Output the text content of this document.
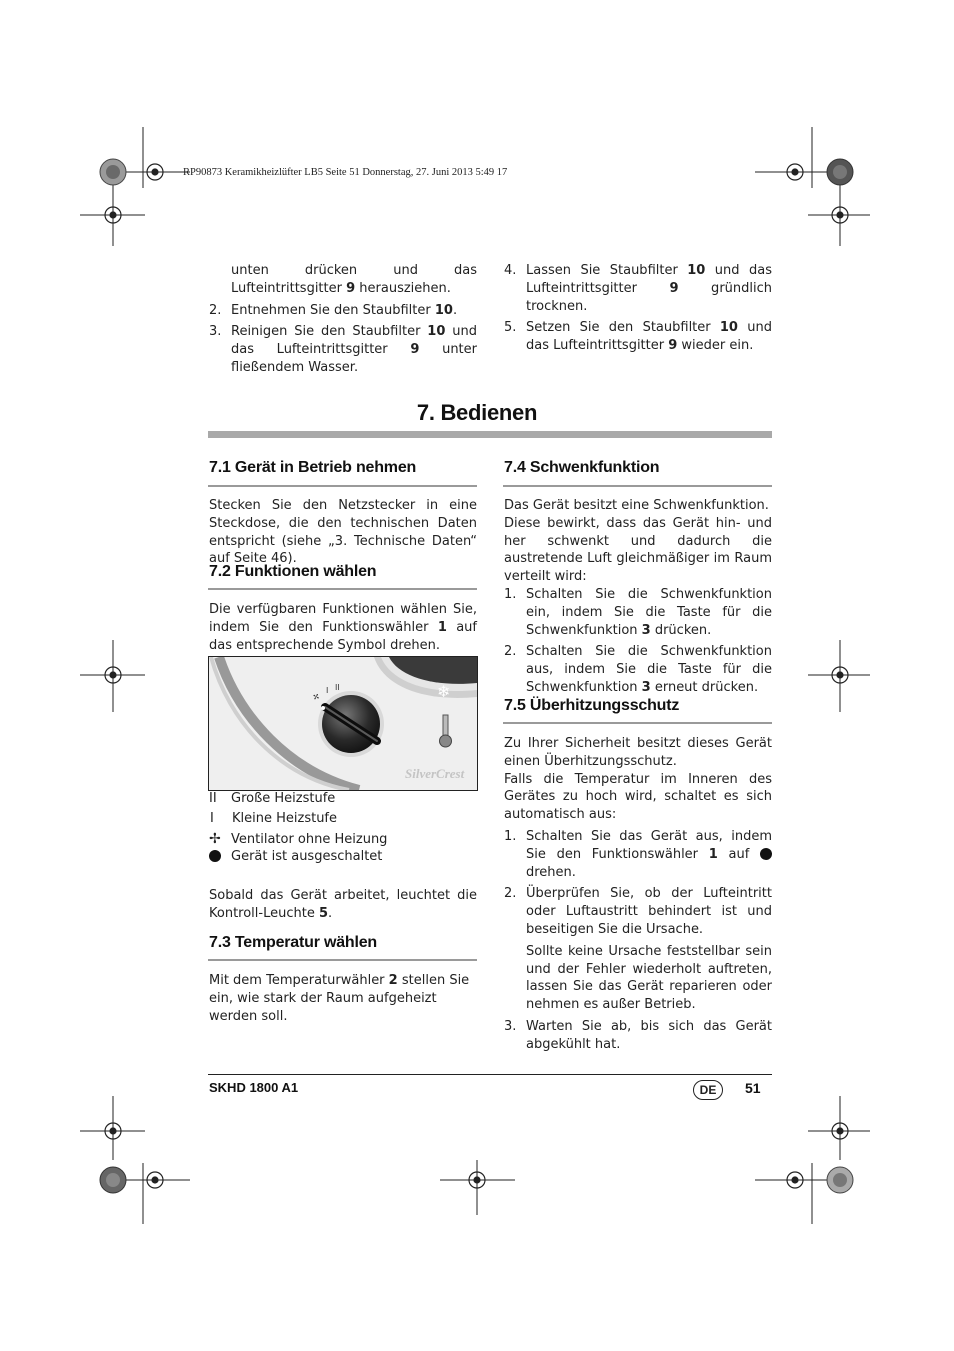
RP90873 Keramikheizlüfter LB5 Seite 51 Donnerstag, 27. Juni 2013 5:49 17
unten drücken und das
Lufteintrittsgitter 9 herausziehen.
2. Entnehmen Sie den Staubfilter 10.
3. Reinigen Sie den Staubfilter 10 und das Lufteintrittsgitter 9 unter fließendem Wasser.
4. Lassen Sie Staubfilter 10 und das Lufteintrittsgitter 9 gründlich trocknen.
5. Setzen Sie den Staubfilter 10 und das Lufteintrittsgitter 9 wieder ein.
7. Bedienen
7.1 Gerät in Betrieb nehmen
Stecken Sie den Netzstecker in eine Steckdose, die den technischen Daten entspricht (siehe „3. Technische Daten“ auf Seite 46).
7.2 Funktionen wählen
Die verfügbaren Funktionen wählen Sie, indem Sie den Funktionswähler 1 auf das entsprechende Symbol drehen.
❄
✢
I II
SilverCrest
II Große Heizstufe
I Kleine Heizstufe
✢ Ventilator ohne Heizung
Gerät ist ausgeschaltet
Sobald das Gerät arbeitet, leuchtet die Kontroll-Leuchte 5.
7.3 Temperatur wählen
Mit dem Temperaturwähler 2 stellen Sie ein, wie stark der Raum aufgeheizt werden soll.
7.4 Schwenkfunktion
Das Gerät besitzt eine Schwenkfunktion.
Diese bewirkt, dass das Gerät hin- und her schwenkt und dadurch die austretende Luft gleichmäßiger im Raum verteilt wird:
1. Schalten Sie die Schwenkfunktion ein, indem Sie die Taste für die Schwenkfunktion 3 drücken.
2. Schalten Sie die Schwenkfunktion aus, indem Sie die Taste für die Schwenkfunktion 3 erneut drücken.
7.5 Überhitzungsschutz
Zu Ihrer Sicherheit besitzt dieses Gerät einen Überhitzungsschutz.
Falls die Temperatur im Inneren des Gerätes zu hoch wird, schaltet es sich automatisch aus:
1. Schalten Sie das Gerät aus, indem Sie den Funktionswähler 1 auf  drehen.
2. Überprüfen Sie, ob der Lufteintritt oder Luftaustritt behindert ist und beseitigen Sie die Ursache.
Sollte keine Ursache feststellbar sein und der Fehler wiederholt auftreten, lassen Sie das Gerät reparieren oder nehmen es außer Betrieb.
3. Warten Sie ab, bis sich das Gerät abgekühlt hat.
SKHD 1800 A1	DE	51
